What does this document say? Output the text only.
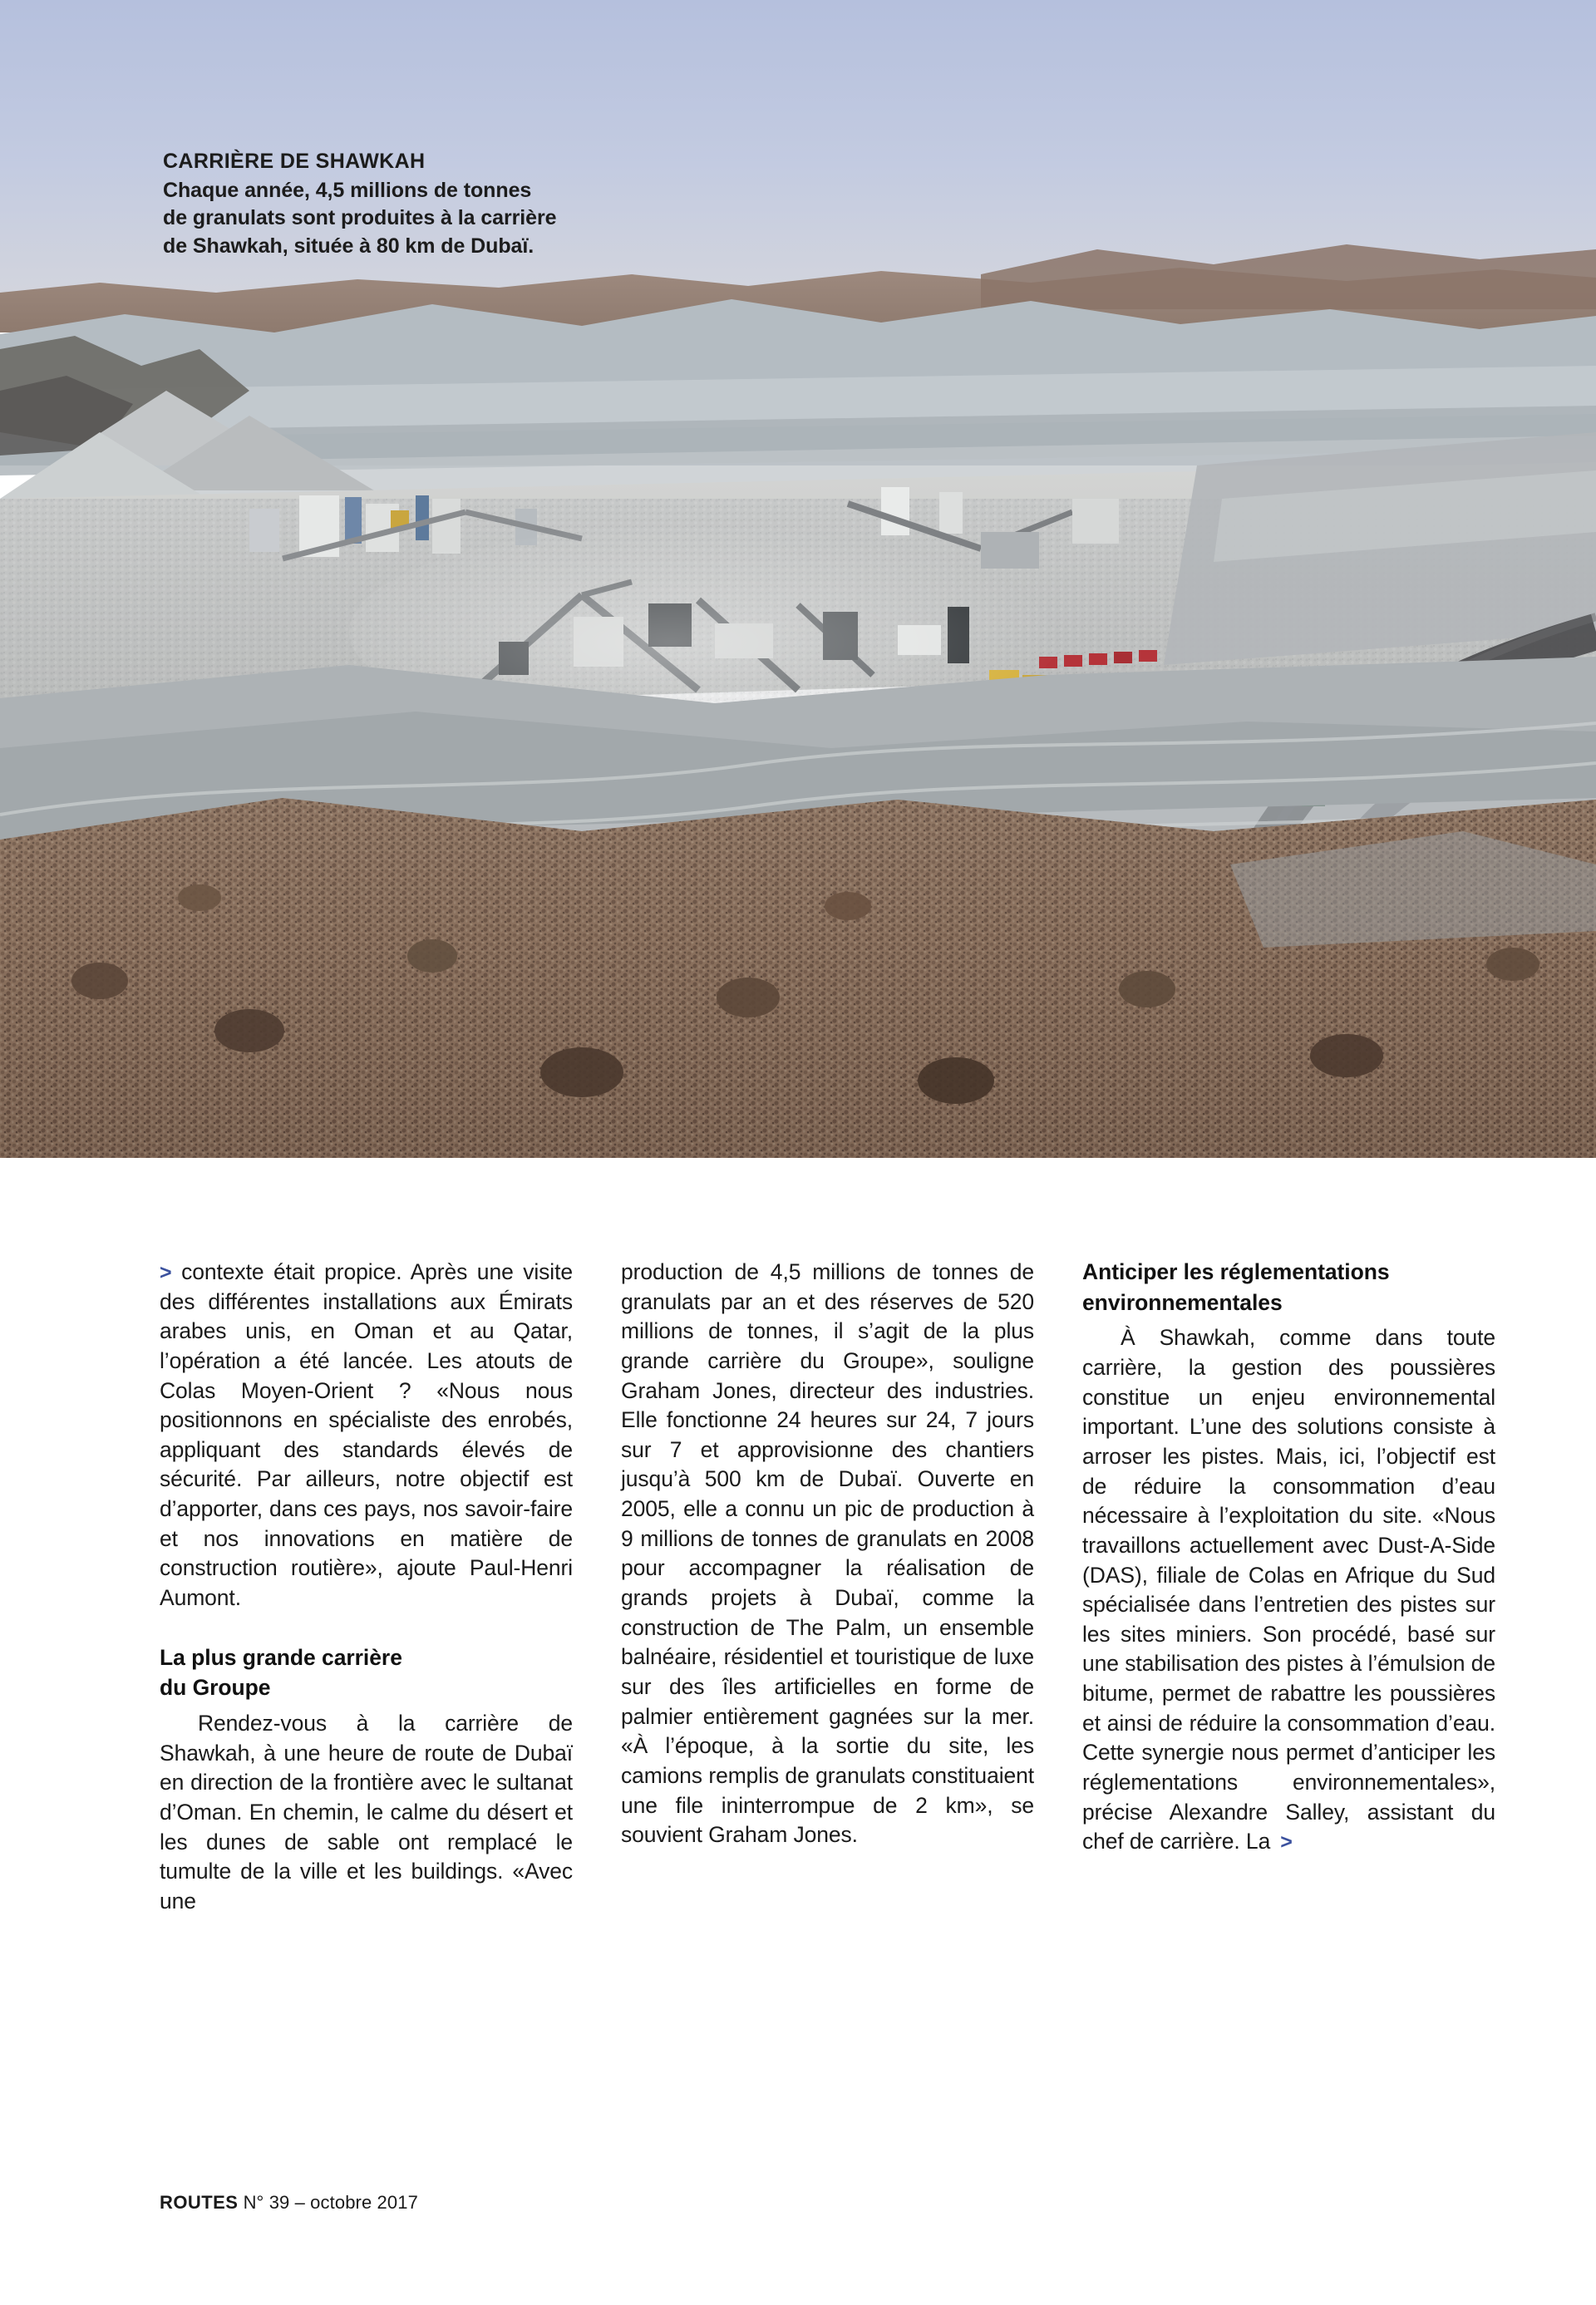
CARRIÈRE DE SHAWKAH

Chaque année, 4,5 millions de tonnes

de granulats sont produites à la carrière

de Shawkah, située à 80 km de Dubaï.

> contexte était propice. Après une visite des différentes installations aux Émirats arabes unis, en Oman et au Qatar, l’opération a été lancée. Les atouts de Colas Moyen-Orient ? «Nous nous positionnons en spécialiste des enrobés, appliquant des standards élevés de sécurité. Par ailleurs, notre objectif est d’apporter, dans ces pays, nos savoir-faire et nos innovations en matière de construction routière», ajoute Paul-Henri Aumont.

La plus grande carrière
du Groupe

Rendez-vous à la carrière de Shawkah, à une heure de route de Dubaï en direction de la frontière avec le sultanat d’Oman. En chemin, le calme du désert et les dunes de sable ont remplacé le tumulte de la ville et les buildings. «Avec une

production de 4,5 millions de tonnes de granulats par an et des réserves de 520 millions de tonnes, il s’agit de la plus grande carrière du Groupe», souligne Graham Jones, directeur des industries. Elle fonctionne 24 heures sur 24, 7 jours sur 7 et approvisionne des chantiers jusqu’à 500 km de Dubaï. Ouverte en 2005, elle a connu un pic de production à 9 millions de tonnes de granulats en 2008 pour accompagner la réalisation de grands projets à Dubaï, comme la construction de The Palm, un ensemble balnéaire, résidentiel et touristique de luxe sur des îles artificielles en forme de palmier entièrement gagnées sur la mer. «À l’époque, à la sortie du site, les camions remplis de granulats constituaient une file ininterrompue de 2 km», se souvient Graham Jones.

Anticiper les réglementations
environnementales

À Shawkah, comme dans toute carrière, la gestion des poussières constitue un enjeu environnemental important. L’une des solutions consiste à arroser les pistes. Mais, ici, l’objectif est de réduire la consommation d’eau nécessaire à l’exploitation du site. «Nous travaillons actuellement avec Dust-A-Side (DAS), filiale de Colas en Afrique du Sud spécialisée dans l’entretien des pistes sur les sites miniers. Son procédé, basé sur une stabilisation des pistes à l’émulsion de bitume, permet de rabattre les poussières et ainsi de réduire la consommation d’eau. Cette synergie nous permet d’anticiper les réglementations environnementales», précise Alexandre Salley, assistant du chef de carrière. La >

ROUTES N° 39 – octobre 2017
